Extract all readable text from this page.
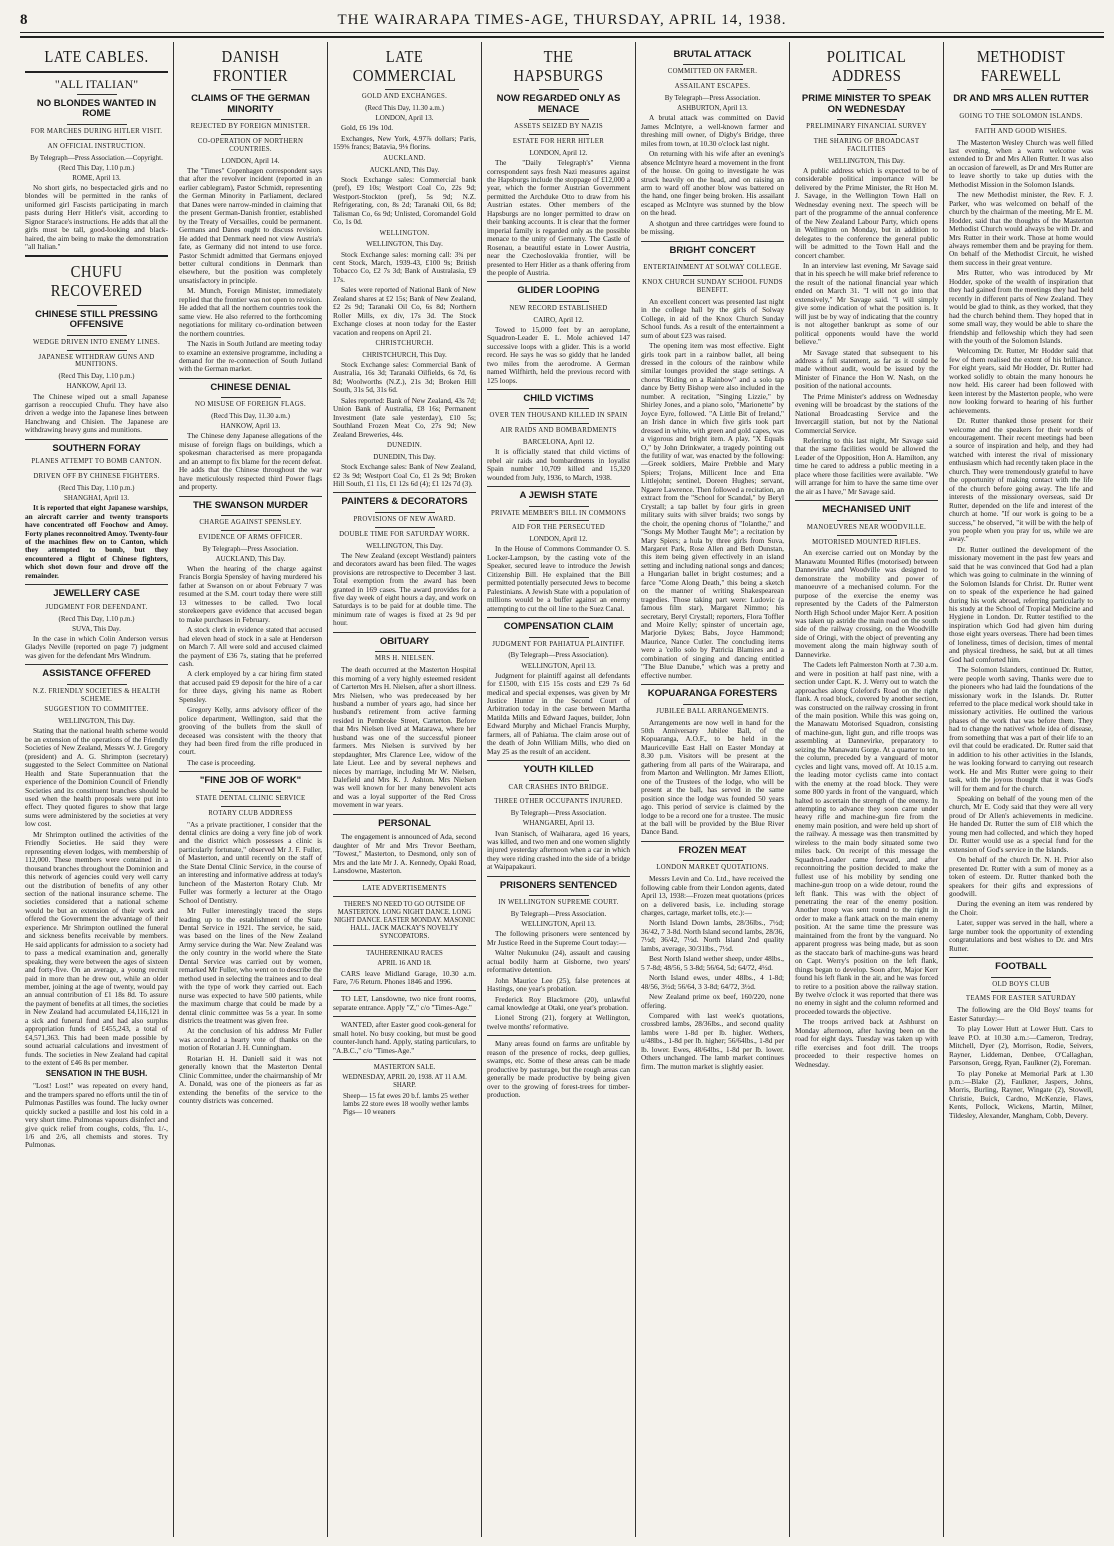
8	THE WAIRARAPA TIMES-AGE, THURSDAY, APRIL 14, 1938.
LATE CABLES.
"ALL ITALIAN"
NO BLONDES WANTED IN ROME
FOR MARCHES DURING HITLER VISIT.
AN OFFICIAL INSTRUCTION.
By Telegraph—Press Association.—Copyright.
(Recd This Day, 1.10 p.m.)
ROME, April 13.

No short girls, no bespectacled girls and no blondes will be permitted in the ranks of uniformed girl Fascists participating in march pasts during Herr Hitler's visit, according to Signor Starace's instructions. He adds that all the girls must be tall, good-looking and black-haired, the aim being to make the demonstration "all Italian."

CHUFU RECOVERED
CHINESE STILL PRESSING OFFENSIVE
WEDGE DRIVEN INTO ENEMY LINES.
JAPANESE WITHDRAW GUNS AND MUNITIONS.
(Recd This Day, 1.10 p.m.)
HANKOW, April 13.

The Chinese wiped out a small Japanese garrison a reoccupied Chufu. They have also driven a wedge into the Japanese lines between Hanchwang and Chisien. The Japanese are withdrawing heavy guns and munitions.

SOUTHERN FORAY
PLANES ATTEMPT TO BOMB CANTON.
DRIVEN OFF BY CHINESE FIGHTERS.
(Recd This Day, 1.10 p.m.)
SHANGHAI, April 13.

It is reported that eight Japanese warships, an aircraft carrier and twenty transports have concentrated off Foochow and Amoy. Forty planes reconnoitred Amoy. Twenty-four of the machines flew on to Canton, which they attempted to bomb, but they encountered a flight of Chinese fighters, which shot down four and drove off the remainder.

JEWELLERY CASE
JUDGMENT FOR DEFENDANT.
(Recd This Day, 1.10 p.m.)
SUVA, This Day.

In the case in which Colin Anderson versus Gladys Neville (reported on page 7) judgment was given for the defendant Mrs Windrum.

ASSISTANCE OFFERED
N.Z. FRIENDLY SOCIETIES & HEALTH SCHEME.
SUGGESTION TO COMMITTEE.
WELLINGTON, This Day.

Stating that the national health scheme would be an extension of the operations of the Friendly Societies of New Zealand, Messrs W. J. Gregory (president) and A. G. Shrimpton (secretary) suggested to the Select Committee on National Health and State Superannuation that the experience of the Dominion Council of Friendly Societies and its constituent branches should be used when the health proposals were put into effect. They quoted figures to show that large sums were administered by the societies at very low cost.

Mr Shrimpton outlined the activities of the Friendly Societies. He said they were representing eleven lodges, with membership of 112,000. These members were contained in a thousand branches throughout the Dominion and this network of agencies could very well carry out the distribution of benefits of any other section of the national insurance scheme. The societies considered that a national scheme would be but an extension of their work and offered the Government the advantage of their experience. Mr Shrimpton outlined the funeral and sickness benefits receivable by members. He said applicants for admission to a society had to pass a medical examination and, generally speaking, they were between the ages of sixteen and forty-five. On an average, a young recruit paid in more than he drew out, while an older member, joining at the age of twenty, would pay an annual contribution of £1 18s 8d. To assure the payment of benefits at all times, the societies in New Zealand had accumulated £4,116,121 in a sick and funeral fund and had also surplus appropriation funds of £455,243, a total of £4,571,363. This had been made possible by sound actuarial calculations and investment of funds. The societies in New Zealand had capital to the extent of £46 8s per member.

SENSATION IN THE BUSH.

"Lost! Lost!" was repeated on every hand, and the trampers spared no efforts until the tin of Pulmonas Pastilles was found. The lucky owner quickly sucked a pastille and lost his cold in a very short time. Pulmonas vapours disinfect and give quick relief from coughs, colds, 'flu. 1/-, 1/6 and 2/6, all chemists and stores. Try Pulmonas.

DANISH FRONTIER
CLAIMS OF THE GERMAN MINORITY
REJECTED BY FOREIGN MINISTER.
CO-OPERATION OF NORTHERN COUNTRIES.
LONDON, April 14.

The "Times" Copenhagen correspondent says that after the revolver incident (reported in an earlier cablegram), Pastor Schmidt, representing the German Minority in Parliament, declared that Danes were narrow-minded in claiming that the present German-Danish frontier, established by the Treaty of Versailles, could be permanent. Germans and Danes ought to discuss revision. He added that Denmark need not view Austria's fate, as Germany did not intend to use force. Pastor Schmidt admitted that Germans enjoyed better cultural conditions in Denmark than elsewhere, but the position was completely unsatisfactory in principle.

M. Munch, Foreign Minister, immediately replied that the frontier was not open to revision. He added that all the northern countries took the same view. He also referred to the forthcoming negotiations for military co-ordination between the northern countries.

The Nazis in South Jutland are meeting today to examine an extensive programme, including a demand for the re-connection of South Jutland with the German market.

CHINESE DENIAL
NO MISUSE OF FOREIGN FLAGS.
(Recd This Day, 11.30 a.m.)
HANKOW, April 13.

The Chinese deny Japanese allegations of the misuse of foreign flags on buildings, which a spokesman characterised as mere propaganda and an attempt to fix blame for the recent defeat. He adds that the Chinese throughout the war have meticulously respected third Power flags and property.

THE SWANSON MURDER
CHARGE AGAINST SPENSLEY.
EVIDENCE OF ARMS OFFICER.
By Telegraph—Press Association.
AUCKLAND, This Day.

When the hearing of the charge against Francis Borgia Spensley of having murdered his father at Swanson on or about February 7 was resumed at the S.M. court today there were still 13 witnesses to be called. Two local storekeepers gave evidence that accused began to make purchases in February.

A stock clerk in evidence stated that accused had eleven head of stock in a sale at Henderson on March 7. All were sold and accused claimed the payment of £36 7s, stating that he preferred cash.

A clerk employed by a car hiring firm stated that accused paid £9 deposit for the hire of a car for three days, giving his name as Robert Spensley.

Gregory Kelly, arms advisory officer of the police department, Wellington, said that the grooving of the bullets from the skull of deceased was consistent with the theory that they had been fired from the rifle produced in court.

The case is proceeding.

"FINE JOB OF WORK"
STATE DENTAL CLINIC SERVICE
ROTARY CLUB ADDRESS

"As a private practitioner, I consider that the dental clinics are doing a very fine job of work and the district which possesses a clinic is particularly fortunate," observed Mr J. F. Fuller, of Masterton, and until recently on the staff of the State Dental Clinic Service, in the course of an interesting and informative address at today's luncheon of the Masterton Rotary Club. Mr Fuller was formerly a lecturer at the Otago School of Dentistry.

Mr Fuller interestingly traced the steps leading up to the establishment of the State Dental Service in 1921. The service, he said, was based on the lines of the New Zealand Army service during the War. New Zealand was the only country in the world where the State Dental Service was carried out by women, remarked Mr Fuller, who went on to describe the method used in selecting the trainees and to deal with the type of work they carried out. Each nurse was expected to have 500 patients, while the maximum charge that could be made by a dental clinic committee was 5s a year. In some districts the treatment was given free.

At the conclusion of his address Mr Fuller was accorded a hearty vote of thanks on the motion of Rotarian J. H. Cunningham.

Rotarian H. H. Daniell said it was not generally known that the Masterton Dental Clinic Committee, under the chairmanship of Mr A. Donald, was one of the pioneers as far as extending the benefits of the service to the country districts was concerned.

LATE COMMERCIAL
GOLD AND EXCHANGES.
(Recd This Day, 11.30 a.m.)
LONDON, April 13.

Gold, £6 19s 10d.

Exchanges, New York, 4.97⅞ dollars; Paris, 159⅝ francs; Batavia, 9⅛ florins.

AUCKLAND.
AUCKLAND, This Day.

Stock Exchange sales: Commercial bank (pref), £9 10s; Westport Coal Co, 22s 9d; Westport-Stockton (pref), 5s 9d; N.Z. Refrigerating, con, 8s 2d; Taranaki Oil, 6s 8d; Talisman Co, 6s 9d; Unlisted, Coromandel Gold Co, 1s 0d.

WELLINGTON.
WELLINGTON, This Day.

Stock Exchange sales: morning call: 3¾ per cent Stock, March, 1939-43, £100 9s; British Tobacco Co, £2 7s 3d; Bank of Australasia, £9 17s.

Sales were reported of National Bank of New Zealand shares at £2 15s; Bank of New Zealand, £2 2s 9d; Taranaki Oil Co, 6s 8d; Northern Roller Mills, ex div, 17s 3d. The Stock Exchange closes at noon today for the Easter vacation and reopens on April 21.

CHRISTCHURCH.
CHRISTCHURCH, This Day.

Stock Exchange sales: Commercial Bank of Australia, 16s 3d; Taranaki Oilfields, 6s 7d, 6s 8d; Woolworths (N.Z.), 21s 3d; Broken Hill South, 31s 5d, 31s 6d.

Sales reported: Bank of New Zealand, 43s 7d; Union Bank of Australia, £8 16s; Permanent Investment (late sale yesterday), £10 5s; Southland Frozen Meat Co, 27s 9d; New Zealand Breweries, 44s.

DUNEDIN.
DUNEDIN, This Day.

Stock Exchange sales: Bank of New Zealand, £2 3s 9d; Westport Coal Co, £1 2s 9d; Broken Hill South, £1 11s, £1 12s 6d (4); £1 12s 7d (3).

PAINTERS & DECORATORS
PROVISIONS OF NEW AWARD.
DOUBLE TIME FOR SATURDAY WORK.
WELLINGTON, This Day.

The New Zealand (except Westland) painters and decorators award has been filed. The wages provisions are retrospective to December 3 last. Total exemption from the award has been granted in 169 cases. The award provides for a five day week of eight hours a day, and work on Saturdays is to be paid for at double time. The minimum rate of wages is fixed at 2s 9d per hour.

OBITUARY
MRS H. NIELSEN.

The death occurred at the Masterton Hospital this morning of a very highly esteemed resident of Carterton Mrs H. Nielsen, after a short illness. Mrs Nielsen, who was predeceased by her husband a number of years ago, had since her husband's retirement from active farming resided in Pembroke Street, Carterton. Before that Mrs Nielsen lived at Matarawa, where her husband was one of the successful pioneer farmers. Mrs Nielsen is survived by her stepdaughter, Mrs Clarence Lee, widow of the late Lieut. Lee and by several nephews and nieces by marriage, including Mr W. Nielsen, Dalefield and Mrs K. J. Ashton. Mrs Nielsen was well known for her many benevolent acts and was a loyal supporter of the Red Cross movement in war years.

PERSONAL

The engagement is announced of Ada, second daughter of Mr and Mrs Trevor Beetham, "Towest," Masterton, to Desmond, only son of Mrs and the late Mr J. A. Kennedy, Opaki Road, Lansdowne, Masterton.

LATE ADVERTISEMENTS
THERE'S NO NEED TO GO OUTSIDE OF MASTERTON. LONG NIGHT DANCE. LONG NIGHT DANCE. EASTER MONDAY. MASONIC HALL. JACK MACKAY'S NOVELTY SYNCOPATORS.
TAUHERENIKAU RACES
APRIL 16 AND 18.

CARS leave Midland Garage, 10.30 a.m. Fare, 7/6 Return. Phones 1846 and 1996.

TO LET, Lansdowne, two nice front rooms, separate entrance. Apply "Z," c/o "Times-Age."

WANTED, after Easter good cook-general for small hotel. No busy cooking, but must be good counter-lunch hand. Apply, stating particulars, to "A.B.C.," c/o "Times-Age."

MASTERTON SALE.
WEDNESDAY, APRIL 20, 1938. AT 11 A.M. SHARP.
Sheep— 15 fat ewes 20 b.f. lambs 25 wether lambs 22 store ewes 18 woolly wether lambs Pigs— 10 weaners
THE HAPSBURGS
NOW REGARDED ONLY AS MENACE
ASSETS SEIZED BY NAZIS
ESTATE FOR HERR HITLER
LONDON, April 12.

The "Daily Telegraph's" Vienna correspondent says fresh Nazi measures against the Hapsburgs include the stoppage of £12,000 a year, which the former Austrian Government permitted the Archduke Otto to draw from his Austrian estates. Other members of the Hapsburgs are no longer permitted to draw on their banking accounts. It is clear that the former imperial family is regarded only as the possible menace to the unity of Germany. The Castle of Rosenau, a beautiful estate in Lower Austria, near the Czechoslovakia frontier, will be presented to Herr Hitler as a thank offering from the people of Austria.

GLIDER LOOPING
NEW RECORD ESTABLISHED
CAIRO, April 12.

Towed to 15,000 feet by an aeroplane, Squadron-Leader E. L. Mole achieved 147 successive loops with a glider. This is a world record. He says he was so giddy that he landed two miles from the aerodrome. A German named Wilfhirth, held the previous record with 125 loops.

CHILD VICTIMS
OVER TEN THOUSAND KILLED IN SPAIN
AIR RAIDS AND BOMBARDMENTS
BARCELONA, April 12.

It is officially stated that child victims of rebel air raids and bombardments in loyalist Spain number 10,709 killed and 15,320 wounded from July, 1936, to March, 1938.

A JEWISH STATE
PRIVATE MEMBER'S BILL IN COMMONS
AID FOR THE PERSECUTED
LONDON, April 12.

In the House of Commons Commander O. S. Locker-Lampson, by the casting vote of the Speaker, secured leave to introduce the Jewish Citizenship Bill. He explained that the Bill permitted potentially persecuted Jews to become Palestinians. A Jewish State with a population of millions would be a buffer against an enemy attempting to cut the oil line to the Suez Canal.

COMPENSATION CLAIM
JUDGMENT FOR PAHIATUA PLAINTIFF.
(By Telegraph—Press Association).
WELLINGTON, April 13.

Judgment for plaintiff against all defendants for £1500, with £15 15s costs and £29 7s 6d medical and special expenses, was given by Mr Justice Hunter in the Second Court of Arbitration today in the case between Martha Matilda Mills and Edward Jaques, builder, John Edward Murphy and Michael Francis Murphy, farmers, all of Pahiatua. The claim arose out of the death of John William Mills, who died on May 25 as the result of an accident.

YOUTH KILLED
CAR CRASHES INTO BRIDGE.
THREE OTHER OCCUPANTS INJURED.
By Telegraph—Press Association.
WHANGAREI, April 13.

Ivan Stanisch, of Waiharara, aged 16 years, was killed, and two men and one women slightly injured yesterday afternoon when a car in which they were riding crashed into the side of a bridge at Waipapakauri.

PRISONERS SENTENCED
IN WELLINGTON SUPREME COURT.
By Telegraph—Press Association.
WELLINGTON, April 13.

The following prisoners were sentenced by Mr Justice Reed in the Supreme Court today:—

Walter Nukunuku (24), assault and causing actual bodily harm at Gisborne, two years' reformative detention.

John Maurice Lee (25), false pretences at Hastings, one year's probation.

Frederick Roy Blackmore (20), unlawful carnal knowledge at Otaki, one year's probation.

Lionel Strong (21), forgery at Wellington, twelve months' reformative.

Many areas found on farms are unfitable by reason of the presence of rocks, deep gullies, swamps, etc. Some of these areas can be made productive by pasturage, but the rough areas can generally be made productive by being given over to the growing of forest-trees for timber-production.

BRUTAL ATTACK
COMMITTED ON FARMER.
ASSAILANT ESCAPES.
By Telegraph—Press Association.
ASHBURTON, April 13.

A brutal attack was committed on David James McIntyre, a well-known farmer and threshing mill owner, of Digby's Bridge, three miles from town, at 10.30 o'clock last night.

On returning with his wife after an evening's absence McIntyre heard a movement in the front of the house. On going to investigate he was struck heavily on the head, and on raising an arm to ward off another blow was battered on the hand, one finger being broken. His assailant escaped as McIntyre was stunned by the blow on the head.

A shotgun and three cartridges were found to be missing.

BRIGHT CONCERT
ENTERTAINMENT AT SOLWAY COLLEGE.
KNOX CHURCH SUNDAY SCHOOL FUNDS BENEFIT.

An excellent concert was presented last night in the college hall by the girls of Solway College, in aid of the Knox Church Sunday School funds. As a result of the entertainment a sum of about £23 was raised.

The opening item was most effective. Eight girls took part in a rainbow ballet, all being dressed in the colours of the rainbow while similar lounges provided the stage settings. A chorus "Riding on a Rainbow" and a solo tap dance by Betty Bishop were also included in the number. A recitation, "Singing Lizzie," by Shirley Jones, and a piano solo, "Marionette" by Joyce Eyre, followed. "A Little Bit of Ireland," an Irish dance in which five girls took part dressed in white, with green and gold capes, was a vigorous and bright item. A play, "X Equals O," by John Drinkwater, a tragedy pointing out the futility of war, was enacted by the following:—Greek soldiers, Maire Prebble and Mary Spiers; Trojans, Millicent Ince and Etta Littlejohn; sentinel, Doreen Hughes; servant, Ngaere Lawrence. Then followed a recitation, an extract from the "School for Scandal," by Beryl Crystall; a tap ballet by four girls in green military suits with silver braids; two songs by the choir, the opening chorus of "Iolanthe," and "Songs My Mother Taught Me"; a recitation by Mary Spiers; a hula by three girls from Suva, Margaret Park, Rose Allen and Beth Dunstan, this item being given effectively in an island setting and including national songs and dances; a Hungarian ballet in bright costumes; and a farce "Come Along Death," this being a sketch on the manner of writing Shakespearean tragedies. Those taking part were: Ludovic (a famous film star), Margaret Nimmo; his secretary, Beryl Crystall; reporters, Flora Toffler and Moire Kelly; spinster of uncertain age, Marjorie Dykes; Babs, Joyce Hammond; Maurice, Nance Cutler. The concluding items were a 'cello solo by Patricia Blamires and a combination of singing and dancing entitled "The Blue Danube," which was a pretty and effective number.

KOPUARANGA FORESTERS
JUBILEE BALL ARRANGEMENTS.

Arrangements are now well in hand for the 50th Anniversary Jubilee Ball, of the Kopuaranga, A.O.F., to be held in the Mauriceville East Hall on Easter Monday at 8.30 p.m. Visitors will be present at the gathering from all parts of the Wairarapa, and from Marton and Wellington. Mr James Elliott, one of the Trustees of the lodge, who will be present at the ball, has served in the same position since the lodge was founded 50 years ago. This period of service is claimed by the lodge to be a record one for a trustee. The music at the ball will be provided by the Blue River Dance Band.

FROZEN MEAT
LONDON MARKET QUOTATIONS.

Messrs Levin and Co. Ltd., have received the following cable from their London agents, dated April 13, 1938:—Frozen meat quotations (prices on a delivered basis, i.e. including storage charges, cartage, market tolls, etc.):—

North Island Down lambs, 28/36lbs., 7½d; 36/42, 7 3-8d. North Island second lambs, 28/36, 7½d; 36/42, 7½d. North Island 2nd quality lambs, average, 30/31lbs., 7½d.

Best North Island wether sheep, under 48lbs., 5 7-8d; 48/56, 5 3-8d; 56/64, 5d; 64/72, 4½d.

North Island ewes, under 48lbs., 4 1-8d; 48/56, 3½d; 56/64, 3 3-8d; 64/72, 3½d.

New Zealand prime ox beef, 160/220, none offering.

Compared with last week's quotations, crossbred lambs, 28/36lbs., and second quality lambs were 1-8d per lb. higher. Wethers, u/48lbs., 1-8d per lb. higher; 56/64lbs., 1-8d per lb. lower. Ewes, 48/64lbs., 1-8d per lb. lower. Others unchanged. The lamb market continues firm. The mutton market is slightly easier.

POLITICAL ADDRESS
PRIME MINISTER TO SPEAK ON WEDNESDAY
PRELIMINARY FINANCIAL SURVEY
THE SHARING OF BROADCAST FACILITIES
WELLINGTON, This Day.

A public address which is expected to be of considerable political importance will be delivered by the Prime Minister, the Rt Hon M. J. Savage, in the Wellington Town Hall on Wednesday evening next. The speech will be part of the programme of the annual conference of the New Zealand Labour Party, which opens in Wellington on Monday, but in addition to delegates to the conference the general public will be admitted to the Town Hall and the concert chamber.

In an interview last evening, Mr Savage said that in his speech he will make brief reference to the result of the national financial year which ended on March 31. "I will not go into that extensively," Mr Savage said. "I will simply give some indication of what the position is. It will just be by way of indicating that the country is not altogether bankrupt as some of our political opponents would have the world believe."

Mr Savage stated that subsequent to his address a full statement, as far as it could be made without audit, would be issued by the Minister of Finance the Hon W. Nash, on the position of the national accounts.

The Prime Minister's address on Wednesday evening will be broadcast by the stations of the National Broadcasting Service and the Invercargill station, but not by the National Commercial Service.

Referring to this last night, Mr Savage said that the same facilities would be allowed the Leader of the Opposition, Hon A. Hamilton, any time he cared to address a public meeting in a place where those facilities were available. "We will arrange for him to have the same time over the air as I have," Mr Savage said.

MECHANISED UNIT
MANOEUVRES NEAR WOODVILLE.
MOTORISED MOUNTED RIFLES.

An exercise carried out on Monday by the Manawatu Mounted Rifles (motorised) between Dannevirke and Woodville was designed to demonstrate the mobility and power of manoeuvre of a mechanised column. For the purpose of the exercise the enemy was represented by the Cadets of the Palmerston North High School under Major Kerr. A position was taken up astride the main road on the south side of the railway crossing, on the Woodville side of Oringi, with the object of preventing any movement along the main highway south of Dannevirke.

The Cadets left Palmerston North at 7.30 a.m. and were in position at half past nine, with a section under Capt. K. J. Werry out to watch the approaches along Coleford's Road on the right flank. A road block, covered by another section, was constructed on the railway crossing in front of the main position. While this was going on, the Manawatu Motorised Squadron, consisting of machine-gun, light gun, and rifle troops was assembling at Dannevirke, preparatory to seizing the Manawatu Gorge. At a quarter to ten, the column, preceded by a vanguard of motor cycles and light vans, moved off. At 10.15 a.m. the leading motor cyclists came into contact with the enemy at the road block. They were some 800 yards in front of the vanguard, which halted to ascertain the strength of the enemy. In attempting to advance they soon came under heavy rifle and machine-gun fire from the enemy main position, and were held up short of the railway. A message was then transmitted by wireless to the main body situated some two miles back. On receipt of this message the Squadron-Leader came forward, and after reconnoitring the position decided to make the fullest use of his mobility by sending one machine-gun troop on a wide detour, round the left flank. This was with the object of penetrating the rear of the enemy position. Another troop was sent round to the right in order to make a flank attack on the main enemy position. At the same time the pressure was maintained from the front by the vanguard. No apparent progress was being made, but as soon as the staccato bark of machine-guns was heard on Capt. Werry's position on the left flank, things began to develop. Soon after, Major Kerr found his left flank in the air, and he was forced to retire to a position above the railway station. By twelve o'clock it was reported that there was no enemy in sight and the column reformed and proceeded towards the objective.

The troops arrived back at Ashhurst on Monday afternoon, after having been on the road for eight days. Tuesday was taken up with rifle exercises and foot drill. The troops proceeded to their respective homes on Wednesday.

METHODIST FAREWELL
DR AND MRS ALLEN RUTTER
GOING TO THE SOLOMON ISLANDS.
FAITH AND GOOD WISHES.

The Masterton Wesley Church was well filled last evening, when a warm welcome was extended to Dr and Mrs Allen Rutter. It was also an occasion of farewell, as Dr and Mrs Rutter are to leave shortly to take up duties with the Methodist Mission in the Solomon Islands.

The new Methodist minister, the Rev. F. J. Parker, who was welcomed on behalf of the church by the chairman of the meeting, Mr E. M. Hodder, said that the thoughts of the Masterton Methodist Church would always be with Dr. and Mrs Rutter in their work. Those at home would always remember them and be praying for them. On behalf of the Methodist Circuit, he wished them success in their great venture.

Mrs Rutter, who was introduced by Mr Hodder, spoke of the wealth of inspiration that they had gained from the meetings they had held recently in different parts of New Zealand. They would be glad to think, as they worked, that they had the church behind them. They hoped that in some small way, they would be able to share the friendship and fellowship which they had seen with the youth of the Solomon Islands.

Welcoming Dr. Rutter, Mr Hodder said that few of them realised the extent of his brilliance. For eight years, said Mr Hodder, Dr. Rutter had worked solidly to obtain the many honours he now held. His career had been followed with keen interest by the Masterton people, who were now looking forward to hearing of his further achievements.

Dr. Rutter thanked those present for their welcome and the speakers for their words of encouragement. Their recent meetings had been a source of inspiration and help, and they had watched with interest the rival of missionary enthusiasm which had recently taken place in the church. They were tremendously grateful to have the opportunity of making contact with the life of the church before going away. The life and interests of the missionary overseas, said Dr Rutter, depended on the life and interest of the church at home. "If our work is going to be a success," he observed, "it will be with the help of you people when you pray for us, while we are away."

Dr. Rutter outlined the development of the missionary movement in the past few years and said that he was convinced that God had a plan which was going to culminate in the winning of the Solomon Islands for Christ. Dr. Rutter went on to speak of the experience he had gained during his work abroad, referring particularly to his study at the School of Tropical Medicine and Hygiene in London. Dr. Rutter testified to the inspiration which God had given him during those eight years overseas. There had been times of loneliness, times of decision, times of mental and physical tiredness, he said, but at all times God had comforted him.

The Solomon Islanders, continued Dr. Rutter, were people worth saving. Thanks were due to the pioneers who had laid the foundations of the missionary work in the Islands. Dr. Rutter referred to the place medical work should take in missionary activities. He outlined the various phases of the work that was before them. They had to change the natives' whole idea of disease, from something that was a part of their life to an evil that could be eradicated. Dr. Rutter said that in addition to his other activities in the Islands, he was looking forward to carrying out research work. He and Mrs Rutter were going to their task, with the joyous thought that it was God's will for them and for the church.

Speaking on behalf of the young men of the church, Mr E. Cody said that they were all very proud of Dr Allen's achievements in medicine. He handed Dr. Rutter the sum of £18 which the young men had collected, and which they hoped Dr. Rutter would use as a special fund for the extension of God's service in the Islands.

On behalf of the church Dr. N. H. Prior also presented Dr. Rutter with a sum of money as a token of esteem. Dr. Rutter thanked both the speakers for their gifts and expressions of goodwill.

During the evening an item was rendered by the Choir.

Later, supper was served in the hall, where a large number took the opportunity of extending congratulations and best wishes to Dr. and Mrs Rutter.

FOOTBALL
OLD BOYS CLUB
TEAMS FOR EASTER SATURDAY

The following are the Old Boys' teams for Easter Saturday:—

To play Lower Hutt at Lower Hutt. Cars to leave P.O. at 10.30 a.m.:—Cameron, Tredray, Mitchell, Dyer (2), Morrison, Rodie, Seivers, Rayner, Liddeman, Denbee, O'Callaghan, Parsonson, Gregg, Ryan, Faulkner (2), Foreman.

To play Poneke at Memorial Park at 1.30 p.m.:—Blake (2), Faulkner, Jaspers, Johns, Morris, Burling, Rayner, Wingate (2), Stowell, Christie, Buick, Cardno, McKenzie, Flaws, Kents, Pollock, Wickens, Martin, Milner, Tildesley, Alexander, Mangham, Cobb, Devery.
